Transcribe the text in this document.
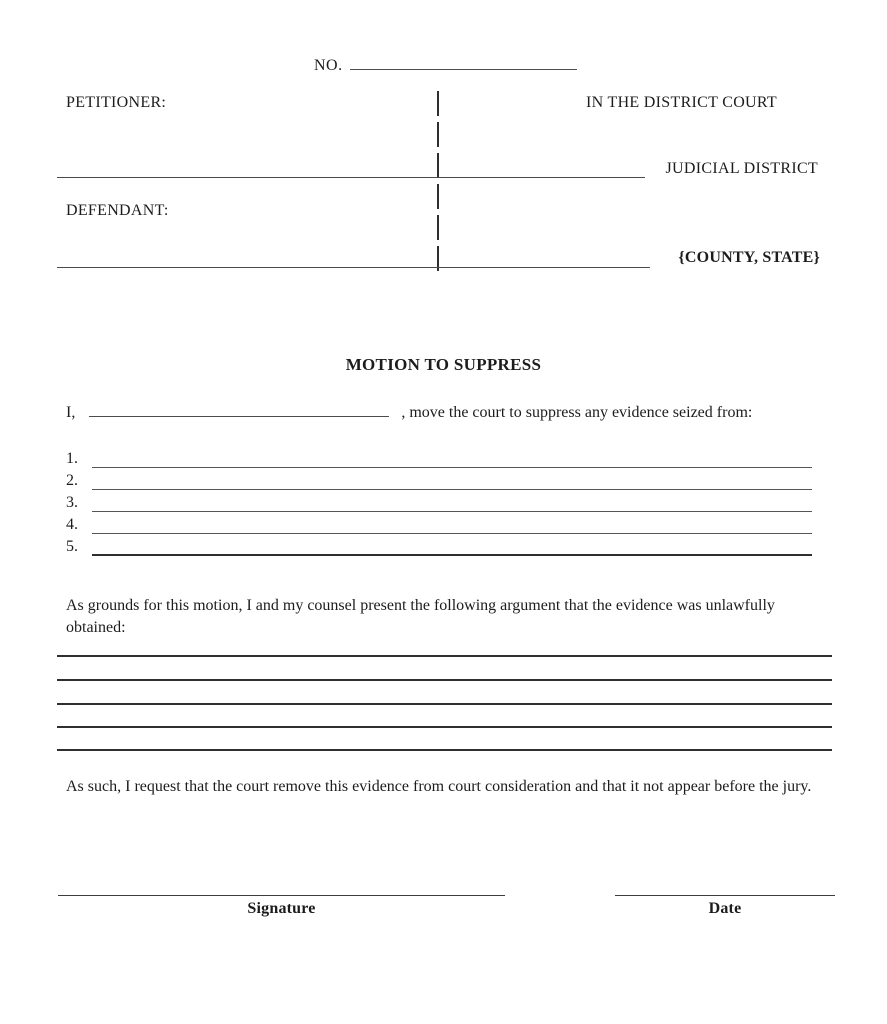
NO.
PETITIONER:	IN THE DISTRICT COURT
JUDICIAL DISTRICT
DEFENDANT:
{COUNTY, STATE}
MOTION TO SUPPRESS
I,	, move the court to suppress any evidence seized from:
1.
2.
3.
4.
5.
As grounds for this motion, I and my counsel present the following argument that the evidence was unlawfully obtained:
As such, I request that the court remove this evidence from court consideration and that it not appear before the jury.
Signature	Date
